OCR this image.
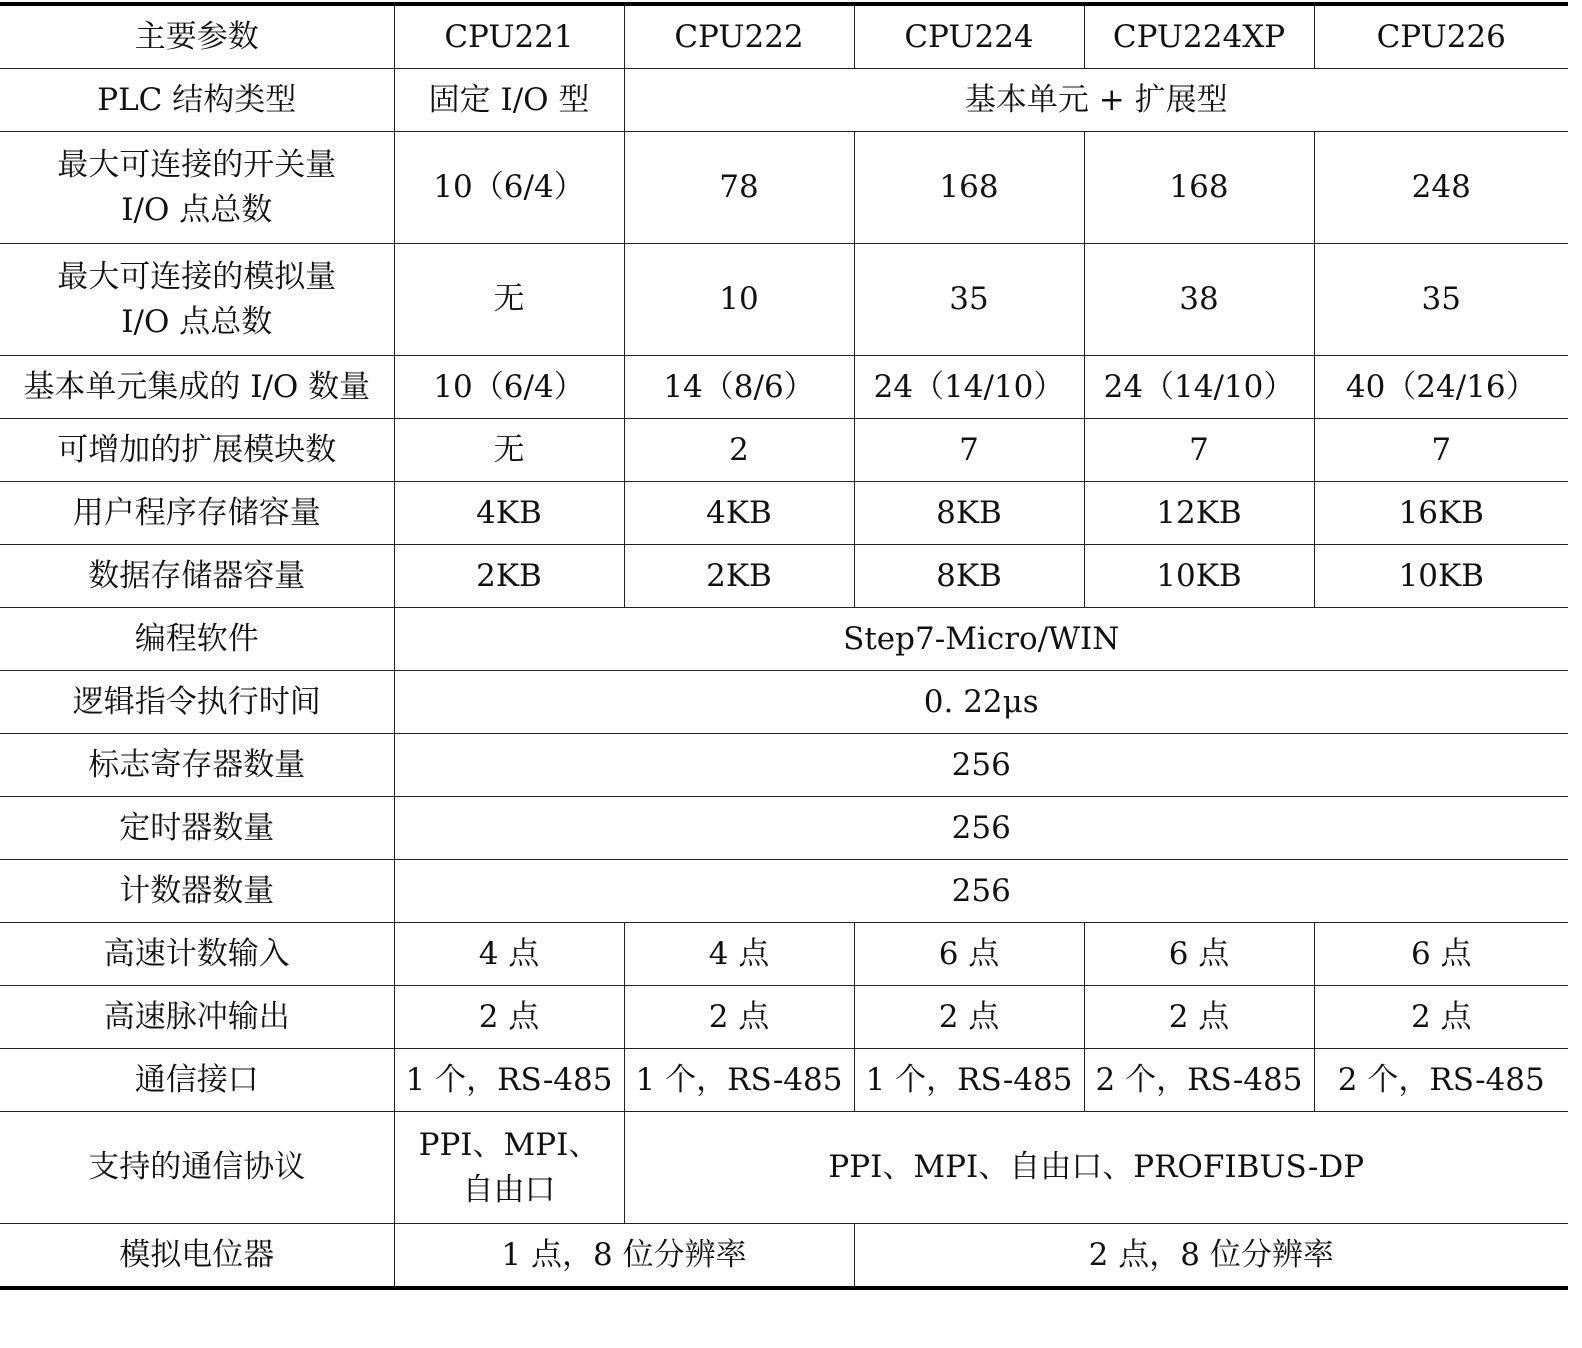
主要参数	CPU221	CPU222	CPU224	CPU224XP	CPU226
PLC 结构类型	固定 I/O 型	基本单元 + 扩展型			
最大可连接的开关量
I/O 点总数	10（6/4）	78	168	168	248
最大可连接的模拟量
I/O 点总数	无	10	35	38	35
基本单元集成的 I/O 数量	10（6/4）	14（8/6）	24（14/10）	24（14/10）	40（24/16）
可增加的扩展模块数	无	2	7	7	7
用户程序存储容量	4KB	4KB	8KB	12KB	16KB
数据存储器容量	2KB	2KB	8KB	10KB	10KB
编程软件	Step7-Micro/WIN				
逻辑指令执行时间	0. 22μs				
标志寄存器数量	256				
定时器数量	256				
计数器数量	256				
高速计数输入	4 点	4 点	6 点	6 点	6 点
高速脉冲输出	2 点	2 点	2 点	2 点	2 点
通信接口	1 个，RS-485	1 个，RS-485	1 个，RS-485	2 个，RS-485	2 个，RS-485
支持的通信协议	PPI、MPI、
自由口	PPI、MPI、自由口、PROFIBUS-DP			
模拟电位器	1 点，8 位分辨率		2 点，8 位分辨率		
